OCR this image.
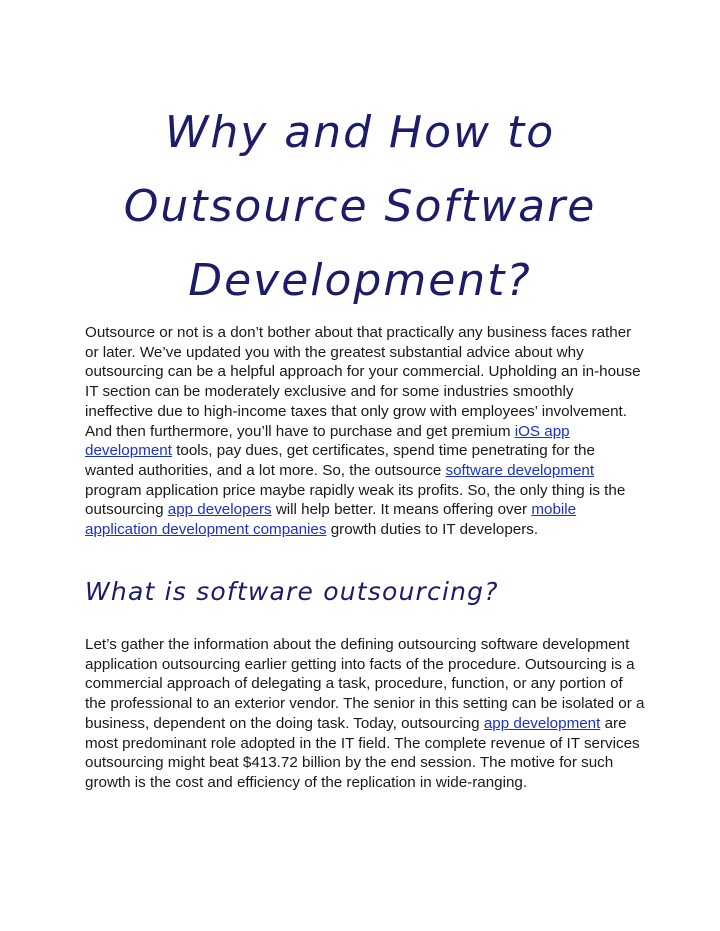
Why and How to
Outsource Software
Development?

Outsource or not is a don’t bother about that practically any business faces rather or later. We’ve updated you with the greatest substantial advice about why outsourcing can be a helpful approach for your commercial. Upholding an in-house IT section can be moderately exclusive and for some industries smoothly ineffective due to high-income taxes that only grow with employees’ involvement. And then furthermore, you’ll have to purchase and get premium iOS app development tools, pay dues, get certificates, spend time penetrating for the wanted authorities, and a lot more. So, the outsource software development program application price maybe rapidly weak its profits. So, the only thing is the outsourcing app developers will help better. It means offering over mobile application development companies growth duties to IT developers.

What is software outsourcing?

Let’s gather the information about the defining outsourcing software development application outsourcing earlier getting into facts of the procedure. Outsourcing is a commercial approach of delegating a task, procedure, function, or any portion of the professional to an exterior vendor. The senior in this setting can be isolated or a business, dependent on the doing task. Today, outsourcing app development are most predominant role adopted in the IT field. The complete revenue of IT services outsourcing might beat $413.72 billion by the end session. The motive for such growth is the cost and efficiency of the replication in wide-ranging.
